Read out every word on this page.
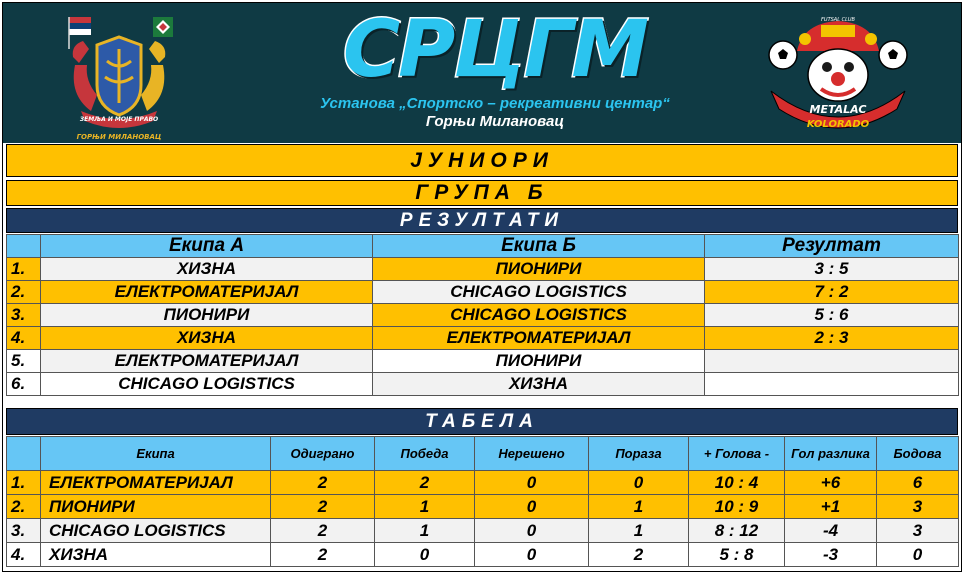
ЗЕМЉА И МОЈЕ ПРАВО
ГОРЊИ МИЛАНОВАЦ
СРЦГМ
Установа „Спортско – рекреативни центар“
Горњи Милановац
METALAC
KOLORADO
FUTSAL CLUB
ЈУНИОРИ
ГРУПА Б
РЕЗУЛТАТИ
	Екипа А	Екипа Б	Резултат
1.	ХИЗНА	ПИОНИРИ	3 : 5
2.	ЕЛЕКТРОМАТЕРИЈАЛ	CHICAGO LOGISTICS	7 : 2
3.	ПИОНИРИ	CHICAGO LOGISTICS	5 : 6
4.	ХИЗНА	ЕЛЕКТРОМАТЕРИЈАЛ	2 : 3
5.	ЕЛЕКТРОМАТЕРИЈАЛ	ПИОНИРИ	
6.	CHICAGO LOGISTICS	ХИЗНА	
ТАБЕЛА
	Екипа	Одиграно	Победа	Нерешено	Пораза	+ Голова -	Гол разлика	Бодова
1.	ЕЛЕКТРОМАТЕРИЈАЛ	2	2	0	0	10 : 4	+6	6
2.	ПИОНИРИ	2	1	0	1	10 : 9	+1	3
3.	CHICAGO LOGISTICS	2	1	0	1	8 : 12	-4	3
4.	ХИЗНА	2	0	0	2	5 : 8	-3	0
